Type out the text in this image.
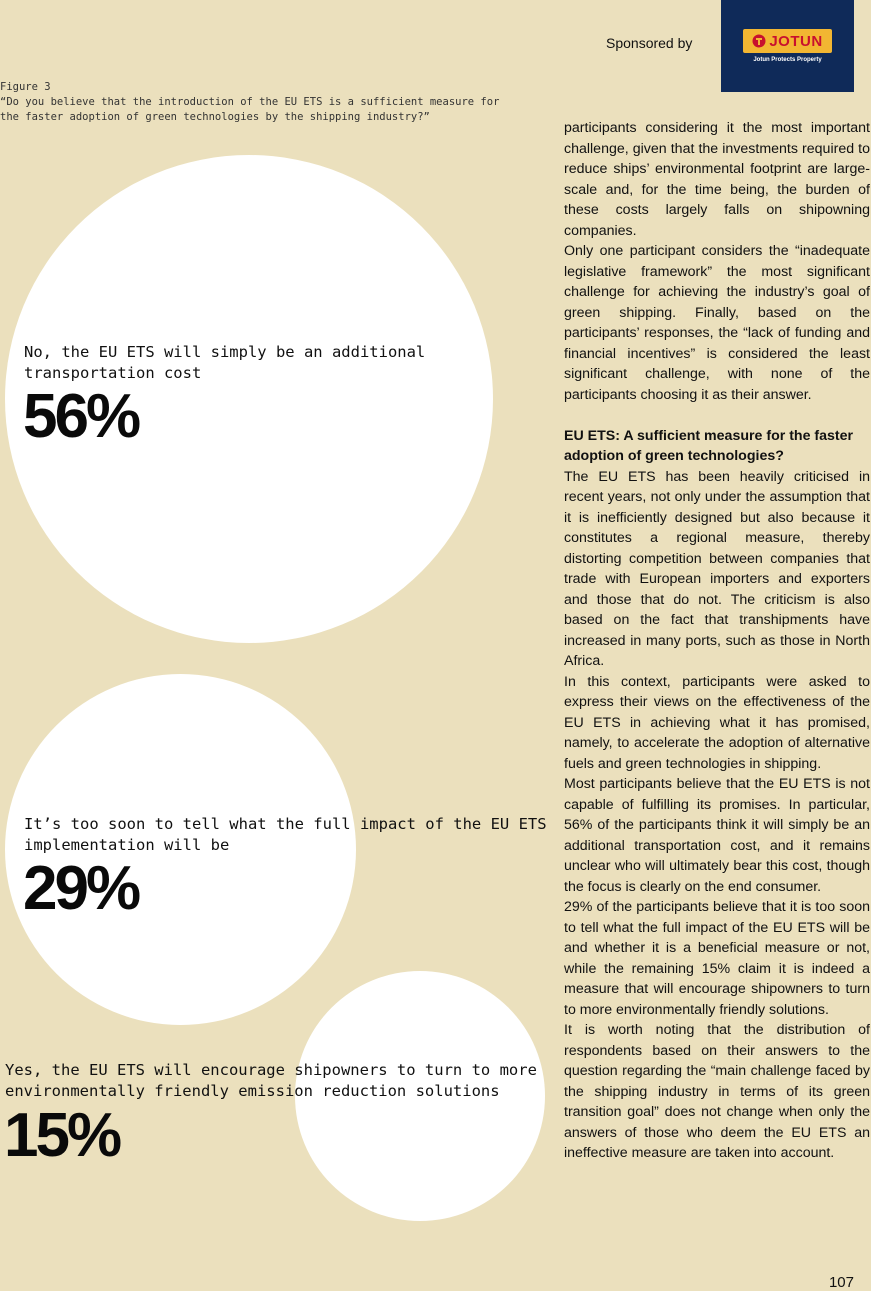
Sponsored by	JOTUN
Jotun Protects Property
Figure 3
“Do you believe that the introduction of the EU ETS is a sufficient measure for
the faster adoption of green technologies by the shipping industry?”
No, the EU ETS will simply be an additional
transportation cost
56%
It’s too soon to tell what the full impact of the EU ETS
implementation will be
29%
Yes, the EU ETS will encourage shipowners to turn to more
environmentally friendly emission reduction solutions
15%

participants considering it the most important challenge, given that the investments required to reduce ships’ environmental footprint are large-scale and, for the time being, the burden of these costs largely falls on shipowning companies.

Only one participant considers the “inadequate legislative framework” the most significant challenge for achieving the industry’s goal of green shipping. Finally, based on the participants’ responses, the “lack of funding and financial incentives” is considered the least significant challenge, with none of the participants choosing it as their answer.

EU ETS: A sufficient measure for the faster adoption of green technologies?

The EU ETS has been heavily criticised in recent years, not only under the assumption that it is inefficiently designed but also because it constitutes a regional measure, thereby distorting competition between companies that trade with European importers and exporters and those that do not. The criticism is also based on the fact that transhipments have increased in many ports, such as those in North Africa.

In this context, participants were asked to express their views on the effectiveness of the EU ETS in achieving what it has promised, namely, to accelerate the adoption of alternative fuels and green technologies in shipping.

Most participants believe that the EU ETS is not capable of fulfilling its promises. In particular, 56% of the participants think it will simply be an additional transportation cost, and it remains unclear who will ultimately bear this cost, though the focus is clearly on the end consumer.

29% of the participants believe that it is too soon to tell what the full impact of the EU ETS will be and whether it is a beneficial measure or not, while the remaining 15% claim it is indeed a measure that will encourage shipowners to turn to more environmentally friendly solutions.

It is worth noting that the distribution of respondents based on their answers to the question regarding the “main challenge faced by the shipping industry in terms of its green transition goal” does not change when only the answers of those who deem the EU ETS an ineffective measure are taken into account.

107
